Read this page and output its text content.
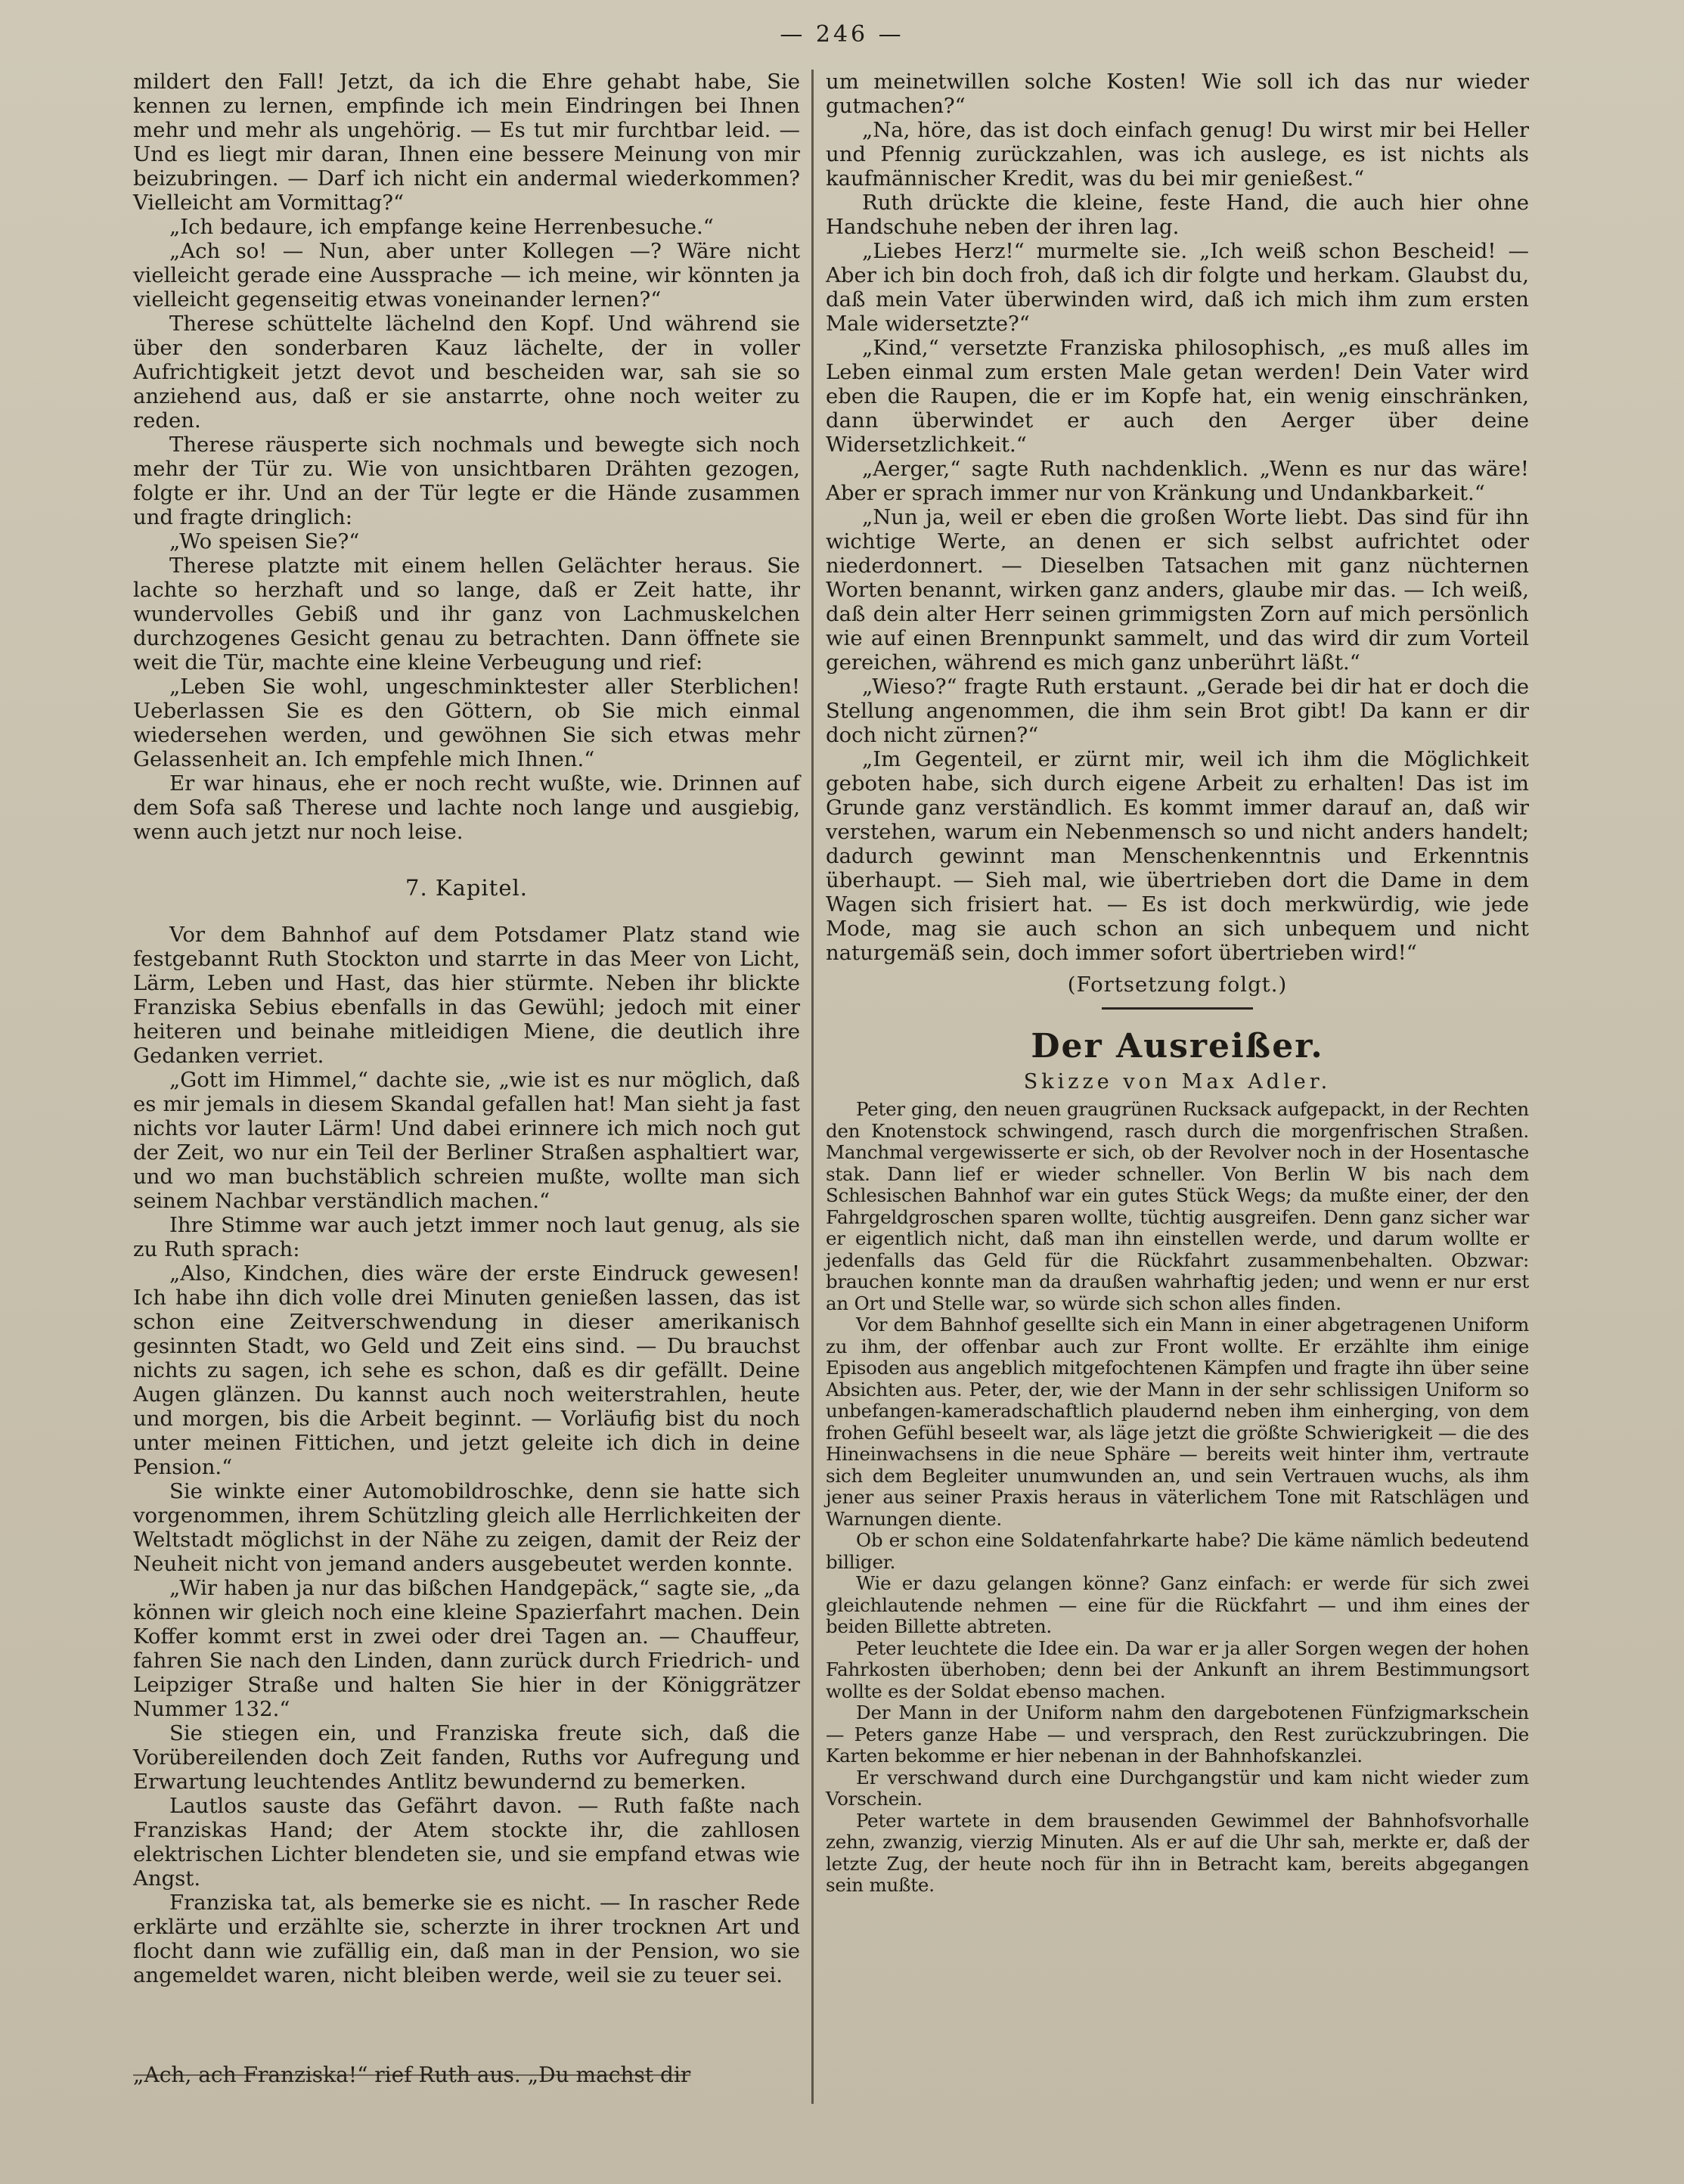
— 246 —

mildert den Fall! Jetzt, da ich die Ehre gehabt habe, Sie kennen zu lernen, empfinde ich mein Eindringen bei Ihnen mehr und mehr als ungehörig. — Es tut mir furchtbar leid. — Und es liegt mir daran, Ihnen eine bessere Meinung von mir beizubringen. — Darf ich nicht ein andermal wiederkommen? Vielleicht am Vormittag?“

„Ich bedaure, ich empfange keine Herrenbesuche.“

„Ach so! — Nun, aber unter Kollegen —? Wäre nicht vielleicht gerade eine Aussprache — ich meine, wir könnten ja vielleicht gegenseitig etwas voneinander lernen?“

Therese schüttelte lächelnd den Kopf. Und während sie über den sonderbaren Kauz lächelte, der in voller Aufrichtigkeit jetzt devot und bescheiden war, sah sie so anziehend aus, daß er sie anstarrte, ohne noch weiter zu reden.

Therese räusperte sich nochmals und bewegte sich noch mehr der Tür zu. Wie von unsichtbaren Drähten gezogen, folgte er ihr. Und an der Tür legte er die Hände zusammen und fragte dringlich:

„Wo speisen Sie?“

Therese platzte mit einem hellen Gelächter heraus. Sie lachte so herzhaft und so lange, daß er Zeit hatte, ihr wundervolles Gebiß und ihr ganz von Lachmuskelchen durchzogenes Gesicht genau zu betrachten. Dann öffnete sie weit die Tür, machte eine kleine Verbeugung und rief:

„Leben Sie wohl, ungeschminktester aller Sterblichen! Ueberlassen Sie es den Göttern, ob Sie mich einmal wiedersehen werden, und gewöhnen Sie sich etwas mehr Gelassenheit an. Ich empfehle mich Ihnen.“

Er war hinaus, ehe er noch recht wußte, wie. Drinnen auf dem Sofa saß Therese und lachte noch lange und ausgiebig, wenn auch jetzt nur noch leise.

7. Kapitel.

Vor dem Bahnhof auf dem Potsdamer Platz stand wie festgebannt Ruth Stockton und starrte in das Meer von Licht, Lärm, Leben und Hast, das hier stürmte. Neben ihr blickte Franziska Sebius ebenfalls in das Gewühl; jedoch mit einer heiteren und beinahe mitleidigen Miene, die deutlich ihre Gedanken verriet.

„Gott im Himmel,“ dachte sie, „wie ist es nur möglich, daß es mir jemals in diesem Skandal gefallen hat! Man sieht ja fast nichts vor lauter Lärm! Und dabei erinnere ich mich noch gut der Zeit, wo nur ein Teil der Berliner Straßen asphaltiert war, und wo man buchstäblich schreien mußte, wollte man sich seinem Nachbar verständlich machen.“

Ihre Stimme war auch jetzt immer noch laut genug, als sie zu Ruth sprach:

„Also, Kindchen, dies wäre der erste Eindruck gewesen! Ich habe ihn dich volle drei Minuten genießen lassen, das ist schon eine Zeitverschwendung in dieser amerikanisch gesinnten Stadt, wo Geld und Zeit eins sind. — Du brauchst nichts zu sagen, ich sehe es schon, daß es dir gefällt. Deine Augen glänzen. Du kannst auch noch weiterstrahlen, heute und morgen, bis die Arbeit beginnt. — Vorläufig bist du noch unter meinen Fittichen, und jetzt geleite ich dich in deine Pension.“

Sie winkte einer Automobildroschke, denn sie hatte sich vorgenommen, ihrem Schützling gleich alle Herrlichkeiten der Weltstadt möglichst in der Nähe zu zeigen, damit der Reiz der Neuheit nicht von jemand anders ausgebeutet werden konnte.

„Wir haben ja nur das bißchen Handgepäck,“ sagte sie, „da können wir gleich noch eine kleine Spazierfahrt machen. Dein Koffer kommt erst in zwei oder drei Tagen an. — Chauffeur, fahren Sie nach den Linden, dann zurück durch Friedrich- und Leipziger Straße und halten Sie hier in der Königgrätzer Nummer 132.“

Sie stiegen ein, und Franziska freute sich, daß die Vorübereilenden doch Zeit fanden, Ruths vor Aufregung und Erwartung leuchtendes Antlitz bewundernd zu bemerken.

Lautlos sauste das Gefährt davon. — Ruth faßte nach Franziskas Hand; der Atem stockte ihr, die zahllosen elektrischen Lichter blendeten sie, und sie empfand etwas wie Angst.

Franziska tat, als bemerke sie es nicht. — In rascher Rede erklärte und erzählte sie, scherzte in ihrer trocknen Art und flocht dann wie zufällig ein, daß man in der Pension, wo sie angemeldet waren, nicht bleiben werde, weil sie zu teuer sei.

um meinetwillen solche Kosten! Wie soll ich das nur wieder gutmachen?“

„Na, höre, das ist doch einfach genug! Du wirst mir bei Heller und Pfennig zurückzahlen, was ich auslege, es ist nichts als kaufmännischer Kredit, was du bei mir genießest.“

Ruth drückte die kleine, feste Hand, die auch hier ohne Handschuhe neben der ihren lag.

„Liebes Herz!“ murmelte sie. „Ich weiß schon Bescheid! — Aber ich bin doch froh, daß ich dir folgte und herkam. Glaubst du, daß mein Vater überwinden wird, daß ich mich ihm zum ersten Male widersetzte?“

„Kind,“ versetzte Franziska philosophisch, „es muß alles im Leben einmal zum ersten Male getan werden! Dein Vater wird eben die Raupen, die er im Kopfe hat, ein wenig einschränken, dann überwindet er auch den Aerger über deine Widersetzlichkeit.“

„Aerger,“ sagte Ruth nachdenklich. „Wenn es nur das wäre! Aber er sprach immer nur von Kränkung und Undankbarkeit.“

„Nun ja, weil er eben die großen Worte liebt. Das sind für ihn wichtige Werte, an denen er sich selbst aufrichtet oder niederdonnert. — Dieselben Tatsachen mit ganz nüchternen Worten benannt, wirken ganz anders, glaube mir das. — Ich weiß, daß dein alter Herr seinen grimmigsten Zorn auf mich persönlich wie auf einen Brennpunkt sammelt, und das wird dir zum Vorteil gereichen, während es mich ganz unberührt läßt.“

„Wieso?“ fragte Ruth erstaunt. „Gerade bei dir hat er doch die Stellung angenommen, die ihm sein Brot gibt! Da kann er dir doch nicht zürnen?“

„Im Gegenteil, er zürnt mir, weil ich ihm die Möglichkeit geboten habe, sich durch eigene Arbeit zu erhalten! Das ist im Grunde ganz verständlich. Es kommt immer darauf an, daß wir verstehen, warum ein Nebenmensch so und nicht anders handelt; dadurch gewinnt man Menschenkenntnis und Erkenntnis überhaupt. — Sieh mal, wie übertrieben dort die Dame in dem Wagen sich frisiert hat. — Es ist doch merkwürdig, wie jede Mode, mag sie auch schon an sich unbequem und nicht naturgemäß sein, doch immer sofort übertrieben wird!“

(Fortsetzung folgt.)
Der Ausreißer.
Skizze von Max Adler.

Peter ging, den neuen graugrünen Rucksack aufgepackt, in der Rechten den Knotenstock schwingend, rasch durch die morgenfrischen Straßen. Manchmal vergewisserte er sich, ob der Revolver noch in der Hosentasche stak. Dann lief er wieder schneller. Von Berlin W bis nach dem Schlesischen Bahnhof war ein gutes Stück Wegs; da mußte einer, der den Fahrgeldgroschen sparen wollte, tüchtig ausgreifen. Denn ganz sicher war er eigentlich nicht, daß man ihn einstellen werde, und darum wollte er jedenfalls das Geld für die Rückfahrt zusammenbehalten. Obzwar: brauchen konnte man da draußen wahrhaftig jeden; und wenn er nur erst an Ort und Stelle war, so würde sich schon alles finden.

Vor dem Bahnhof gesellte sich ein Mann in einer abgetragenen Uniform zu ihm, der offenbar auch zur Front wollte. Er erzählte ihm einige Episoden aus angeblich mitgefochtenen Kämpfen und fragte ihn über seine Absichten aus. Peter, der, wie der Mann in der sehr schlissigen Uniform so unbefangen-kameradschaftlich plaudernd neben ihm einherging, von dem frohen Gefühl beseelt war, als läge jetzt die größte Schwierigkeit — die des Hineinwachsens in die neue Sphäre — bereits weit hinter ihm, vertraute sich dem Begleiter unumwunden an, und sein Vertrauen wuchs, als ihm jener aus seiner Praxis heraus in väterlichem Tone mit Ratschlägen und Warnungen diente.

Ob er schon eine Soldatenfahrkarte habe? Die käme nämlich bedeutend billiger.

Wie er dazu gelangen könne? Ganz einfach: er werde für sich zwei gleichlautende nehmen — eine für die Rückfahrt — und ihm eines der beiden Billette abtreten.

Peter leuchtete die Idee ein. Da war er ja aller Sorgen wegen der hohen Fahrkosten überhoben; denn bei der Ankunft an ihrem Bestimmungsort wollte es der Soldat ebenso machen.

Der Mann in der Uniform nahm den dargebotenen Fünfzigmarkschein — Peters ganze Habe — und versprach, den Rest zurückzubringen. Die Karten bekomme er hier nebenan in der Bahnhofskanzlei.

Er verschwand durch eine Durchgangstür und kam nicht wieder zum Vorschein.

Peter wartete in dem brausenden Gewimmel der Bahnhofsvorhalle zehn, zwanzig, vierzig Minuten. Als er auf die Uhr sah, merkte er, daß der letzte Zug, der heute noch für ihn in Betracht kam, bereits abgegangen sein mußte.

„Ach, ach Franziska!“ rief Ruth aus. „Du machst dir
